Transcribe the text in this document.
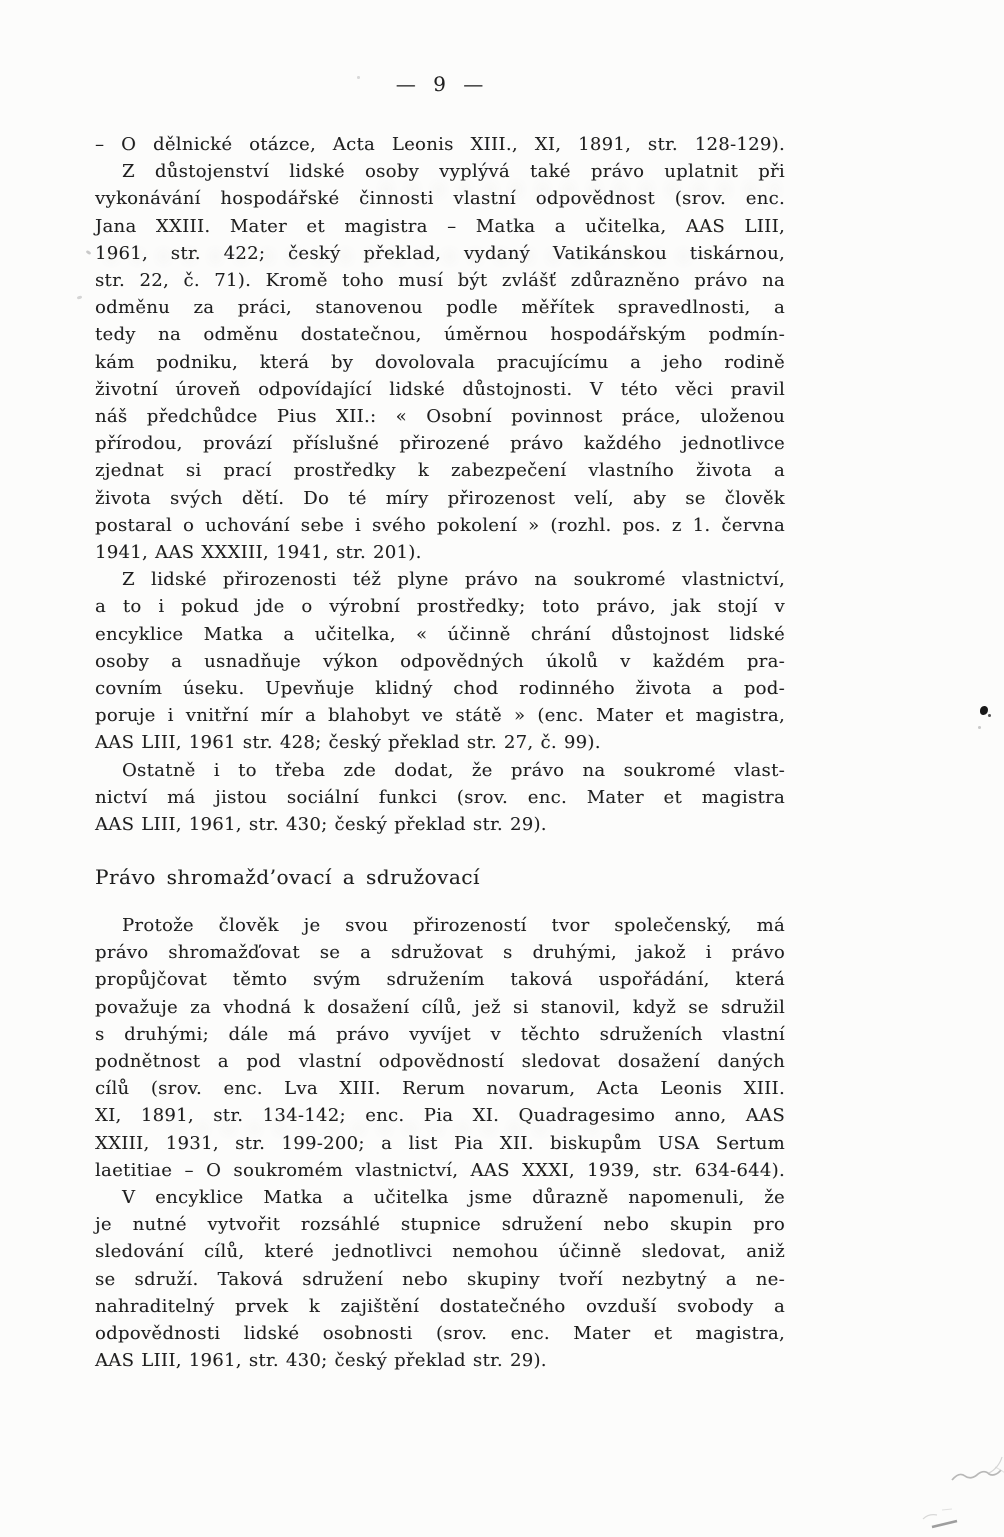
— 9 —
– O dělnické otázce, Acta Leonis XIII., XI, 1891, str. 128-129).
Z důstojenství lidské osoby vyplývá také právo uplatnit při
vykonávání hospodářské činnosti vlastní odpovědnost (srov. enc.
Jana XXIII. Mater et magistra – Matka a učitelka, AAS LIII,
1961, str. 422; český překlad, vydaný Vatikánskou tiskárnou,
str. 22, č. 71). Kromě toho musí být zvlášť zdůrazněno právo na
odměnu za práci, stanovenou podle měřítek spravedlnosti, a
tedy na odměnu dostatečnou, úměrnou hospodářským podmín-
kám podniku, která by dovolovala pracujícímu a jeho rodině
životní úroveň odpovídající lidské důstojnosti. V této věci pravil
náš předchůdce Pius XII.: « Osobní povinnost práce, uloženou
přírodou, provází příslušné přirozené právo každého jednotlivce
zjednat si prací prostředky k zabezpečení vlastního života a
života svých dětí. Do té míry přirozenost velí, aby se člověk
postaral o uchování sebe i svého pokolení » (rozhl. pos. z 1. června
1941, AAS XXXIII, 1941, str. 201).
Z lidské přirozenosti též plyne právo na soukromé vlastnictví,
a to i pokud jde o výrobní prostředky; toto právo, jak stojí v
encyklice Matka a učitelka, « účinně chrání důstojnost lidské
osoby a usnadňuje výkon odpovědných úkolů v každém pra-
covním úseku. Upevňuje klidný chod rodinného života a pod-
poruje i vnitřní mír a blahobyt ve státě » (enc. Mater et magistra,
AAS LIII, 1961 str. 428; český překlad str. 27, č. 99).
Ostatně i to třeba zde dodat, že právo na soukromé vlast-
nictví má jistou sociální funkci (srov. enc. Mater et magistra
AAS LIII, 1961, str. 430; český překlad str. 29).
Právo shromažd’ovací a sdružovací
Protože člověk je svou přirozeností tvor společenský, má
právo shromažďovat se a sdružovat s druhými, jakož i právo
propůjčovat těmto svým sdružením taková uspořádání, která
považuje za vhodná k dosažení cílů, jež si stanovil, když se sdružil
s druhými; dále má právo vyvíjet v těchto sdruženích vlastní
podnětnost a pod vlastní odpovědností sledovat dosažení daných
cílů (srov. enc. Lva XIII. Rerum novarum, Acta Leonis XIII.
XI, 1891, str. 134-142; enc. Pia XI. Quadragesimo anno, AAS
XXIII, 1931, str. 199-200; a list Pia XII. biskupům USA Sertum
laetitiae – O soukromém vlastnictví, AAS XXXI, 1939, str. 634-644).
V encyklice Matka a učitelka jsme důrazně napomenuli, že
je nutné vytvořit rozsáhlé stupnice sdružení nebo skupin pro
sledování cílů, které jednotlivci nemohou účinně sledovat, aniž
se sdruží. Taková sdružení nebo skupiny tvoří nezbytný a ne-
nahraditelný prvek k zajištění dostatečného ovzduší svobody a
odpovědnosti lidské osobnosti (srov. enc. Mater et magistra,
AAS LIII, 1961, str. 430; český překlad str. 29).
